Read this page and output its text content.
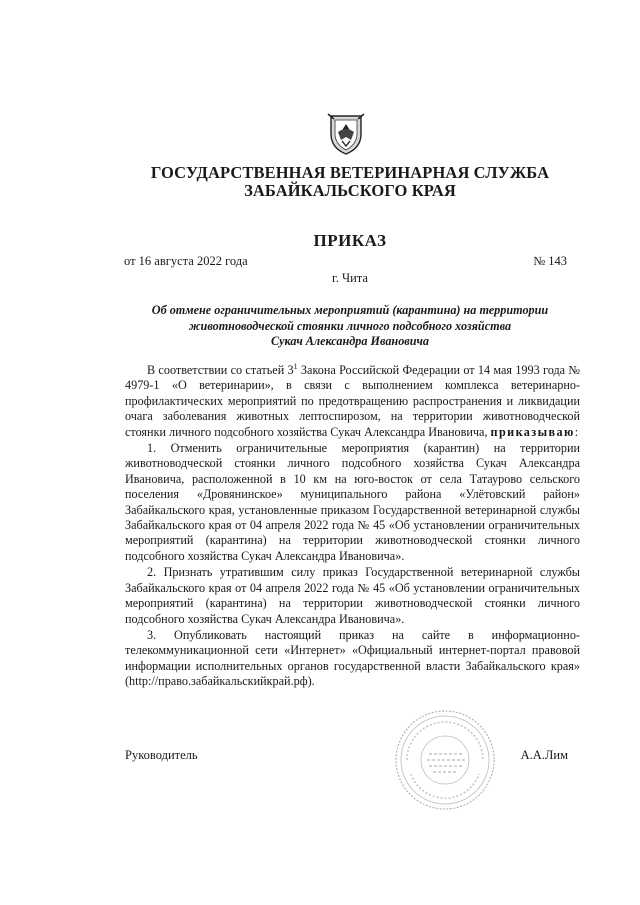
ГОСУДАРСТВЕННАЯ ВЕТЕРИНАРНАЯ СЛУЖБА
ЗАБАЙКАЛЬСКОГО КРАЯ
ПРИКАЗ
от 16 августа 2022 года	№ 143
г. Чита
Об отмене ограничительных мероприятий (карантина) на территории
животноводческой стоянки личного подсобного хозяйства
Сукач Александра Ивановича

В соответствии со статьей $3^1$ Закона Российской Федерации от 14 мая 1993 года № 4979-1 «О ветеринарии», в связи с выполнением комплекса ветеринарно-профилактических мероприятий по предотвращению распространения и ликвидации очага заболевания животных лептоспирозом, на территории животноводческой стоянки личного подсобного хозяйства Сукач Александра Ивановича, приказываю:

1. Отменить ограничительные мероприятия (карантин) на территории животноводческой стоянки личного подсобного хозяйства Сукач Александра Ивановича, расположенной в 10 км на юго-восток от села Татаурово сельского поселения «Дровянинское» муниципального района «Улётовский район» Забайкальского края, установленные приказом Государственной ветеринарной службы Забайкальского края от 04 апреля 2022 года № 45 «Об установлении ограничительных мероприятий (карантина) на территории животноводческой стоянки личного подсобного хозяйства Сукач Александра Ивановича».

2. Признать утратившим силу приказ Государственной ветеринарной службы Забайкальского края от 04 апреля 2022 года № 45 «Об установлении ограничительных мероприятий (карантина) на территории животноводческой стоянки личного подсобного хозяйства Сукач Александра Ивановича».

3. Опубликовать настоящий приказ на сайте в информационно-телекоммуникационной сети «Интернет» «Официальный интернет-портал правовой информации исполнительных органов государственной власти Забайкальского края» (http://право.забайкальскийкрай.рф).

Руководитель	А.А.Лим
